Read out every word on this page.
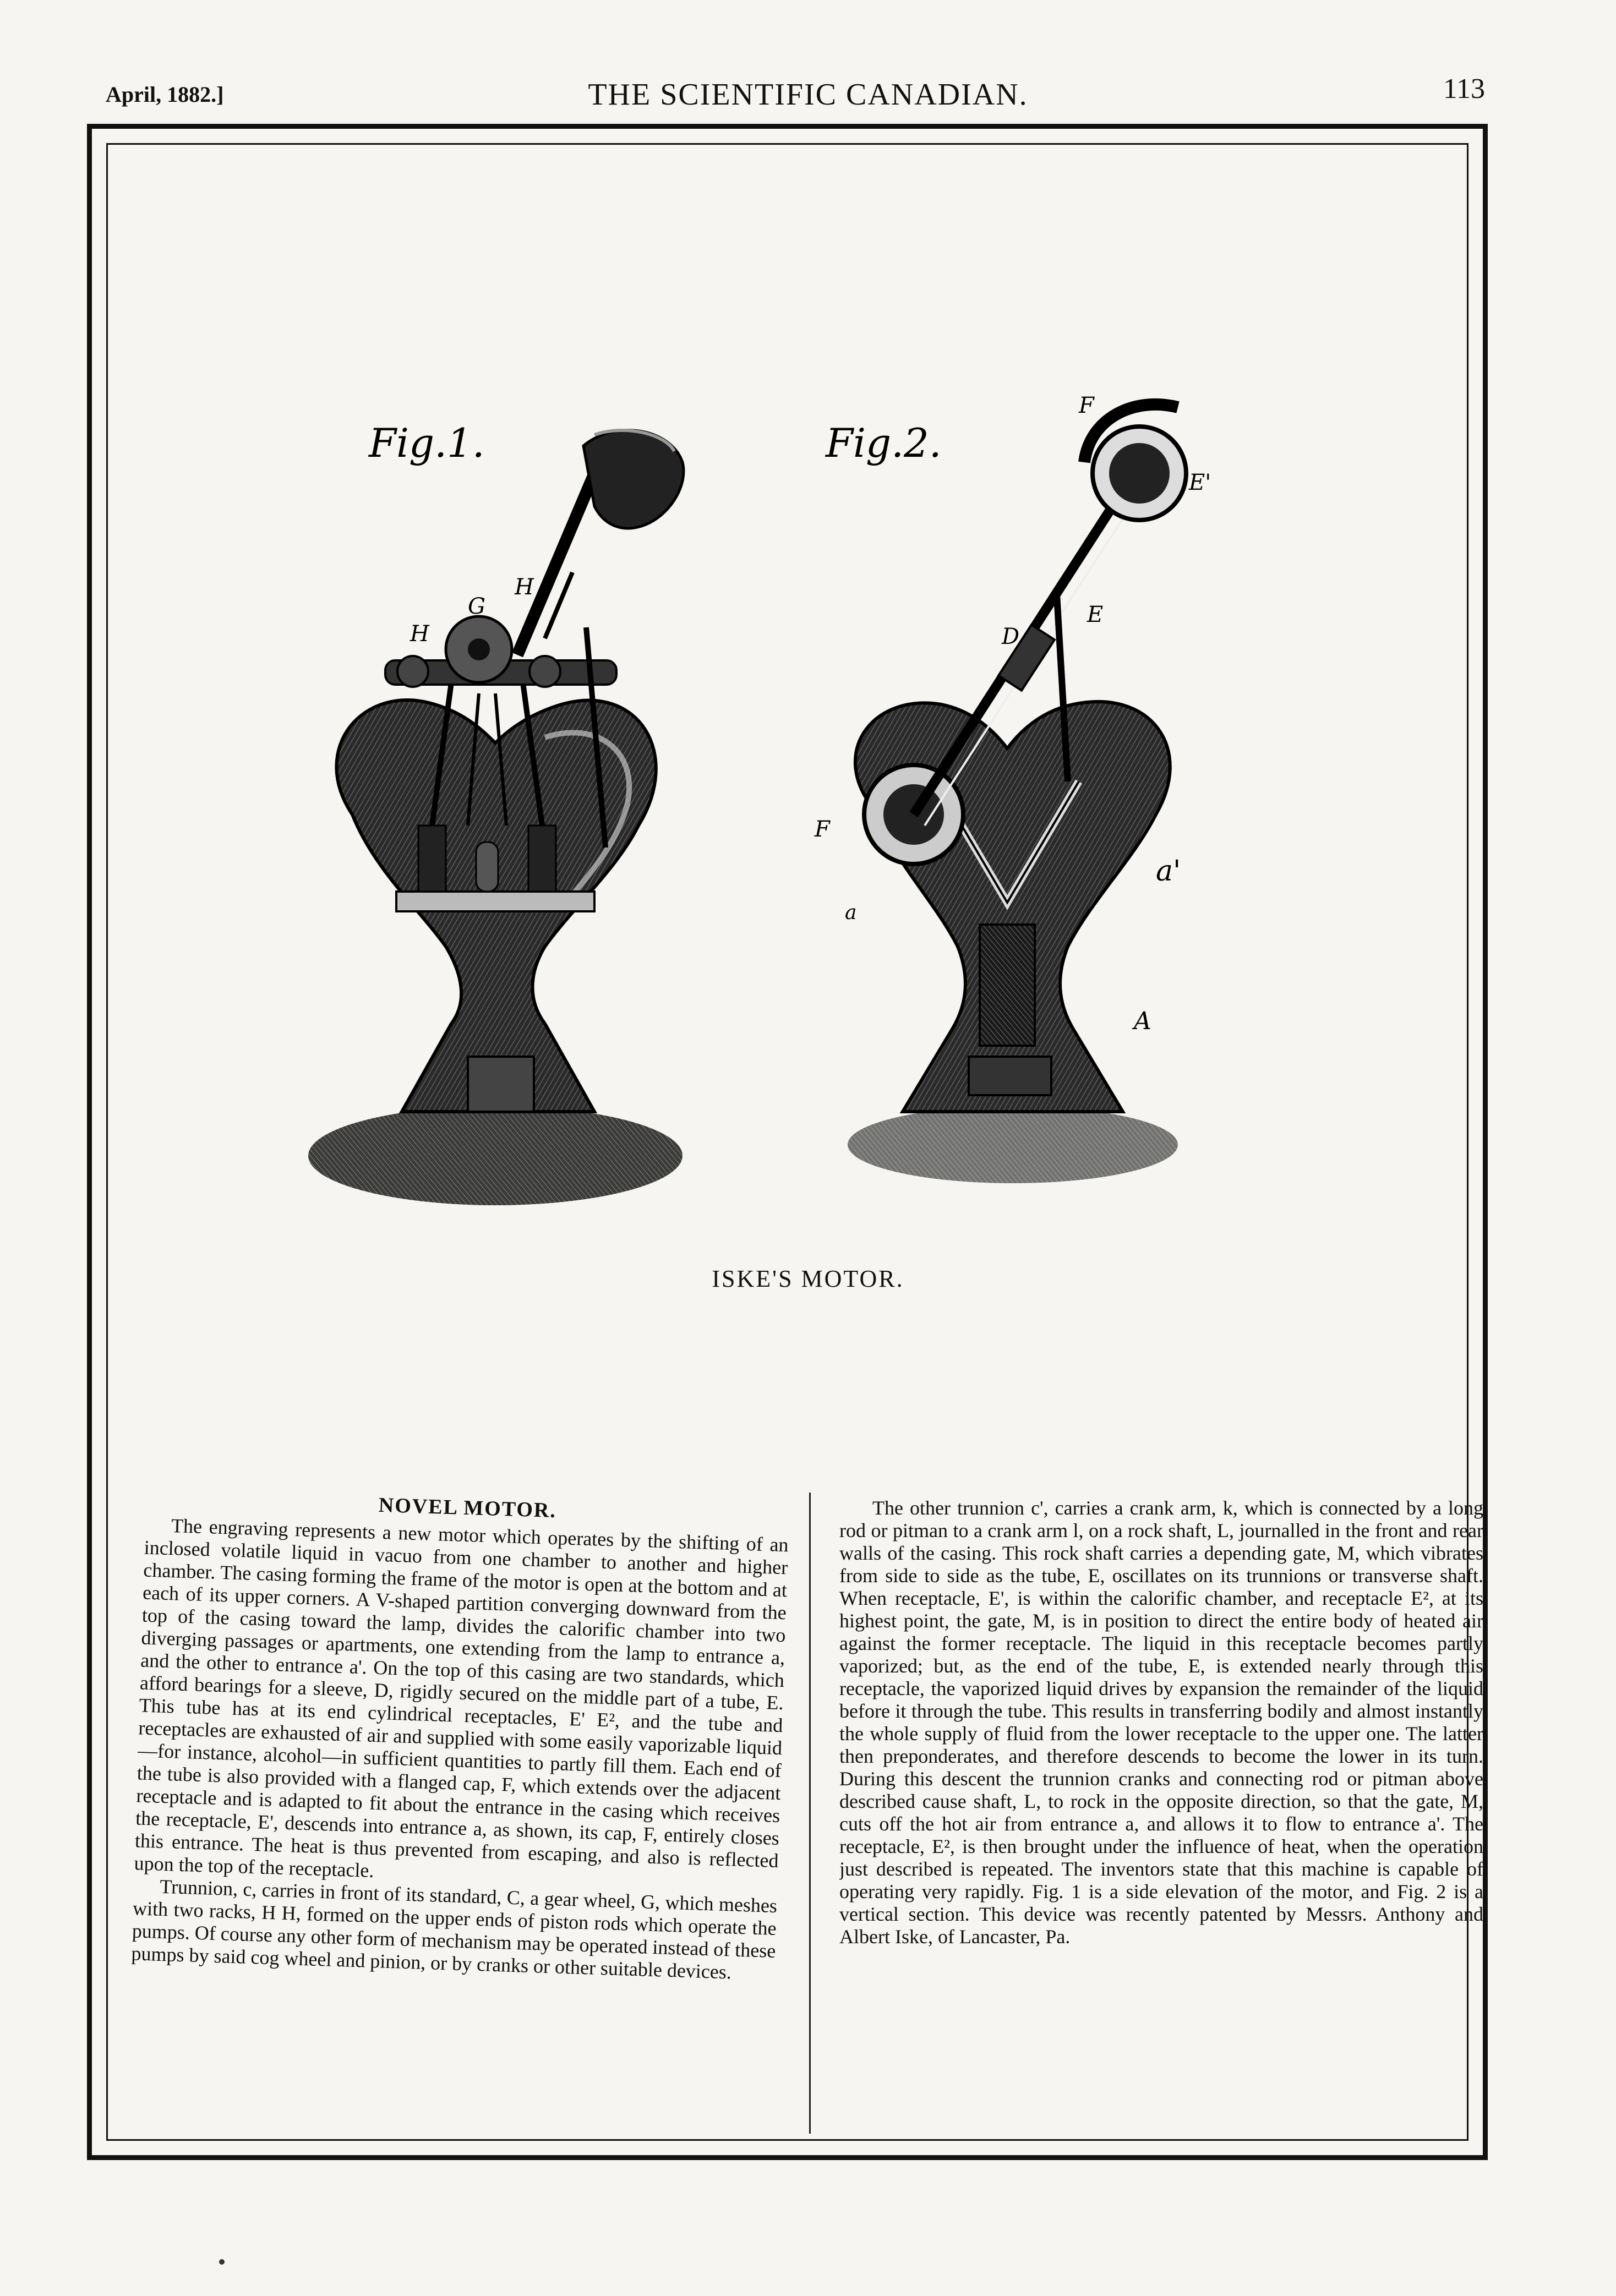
April, 1882.]	THE SCIENTIFIC CANADIAN.	113
Fig.1.
H
G
H
Fig.2.
F
E'
E
D
F
a
a'
A
ISKE'S MOTOR.
NOVEL MOTOR.

The engraving represents a new motor which operates by the shifting of an inclosed volatile liquid in vacuo from one chamber to another and higher chamber. The casing forming the frame of the motor is open at the bottom and at each of its upper corners. A V-shaped partition converging downward from the top of the casing toward the lamp, divides the calorific chamber into two diverging passages or apartments, one extending from the lamp to entrance a, and the other to entrance a'. On the top of this casing are two standards, which afford bearings for a sleeve, D, rigidly secured on the middle part of a tube, E. This tube has at its end cylindrical receptacles, E' E², and the tube and receptacles are exhausted of air and supplied with some easily vaporizable liquid—for instance, alcohol—in sufficient quantities to partly fill them. Each end of the tube is also provided with a flanged cap, F, which extends over the adjacent receptacle and is adapted to fit about the entrance in the casing which receives the receptacle, E', descends into entrance a, as shown, its cap, F, entirely closes this entrance. The heat is thus prevented from escaping, and also is reflected upon the top of the receptacle.

Trunnion, c, carries in front of its standard, C, a gear wheel, G, which meshes with two racks, H H, formed on the upper ends of piston rods which operate the pumps. Of course any other form of mechanism may be operated instead of these pumps by said cog wheel and pinion, or by cranks or other suitable devices.

The other trunnion c', carries a crank arm, k, which is connected by a long rod or pitman to a crank arm l, on a rock shaft, L, journalled in the front and rear walls of the casing. This rock shaft carries a depending gate, M, which vibrates from side to side as the tube, E, oscillates on its trunnions or transverse shaft. When receptacle, E', is within the calorific chamber, and receptacle E², at its highest point, the gate, M, is in position to direct the entire body of heated air against the former receptacle. The liquid in this receptacle becomes partly vaporized; but, as the end of the tube, E, is extended nearly through this receptacle, the vaporized liquid drives by expansion the remainder of the liquid before it through the tube. This results in transferring bodily and almost instantly the whole supply of fluid from the lower receptacle to the upper one. The latter then preponderates, and therefore descends to become the lower in its turn. During this descent the trunnion cranks and connecting rod or pitman above described cause shaft, L, to rock in the opposite direction, so that the gate, M, cuts off the hot air from entrance a, and allows it to flow to entrance a'. The receptacle, E², is then brought under the influence of heat, when the operation just described is repeated. The inventors state that this machine is capable of operating very rapidly. Fig. 1 is a side elevation of the motor, and Fig. 2 is a vertical section. This device was recently patented by Messrs. Anthony and Albert Iske, of Lancaster, Pa.
